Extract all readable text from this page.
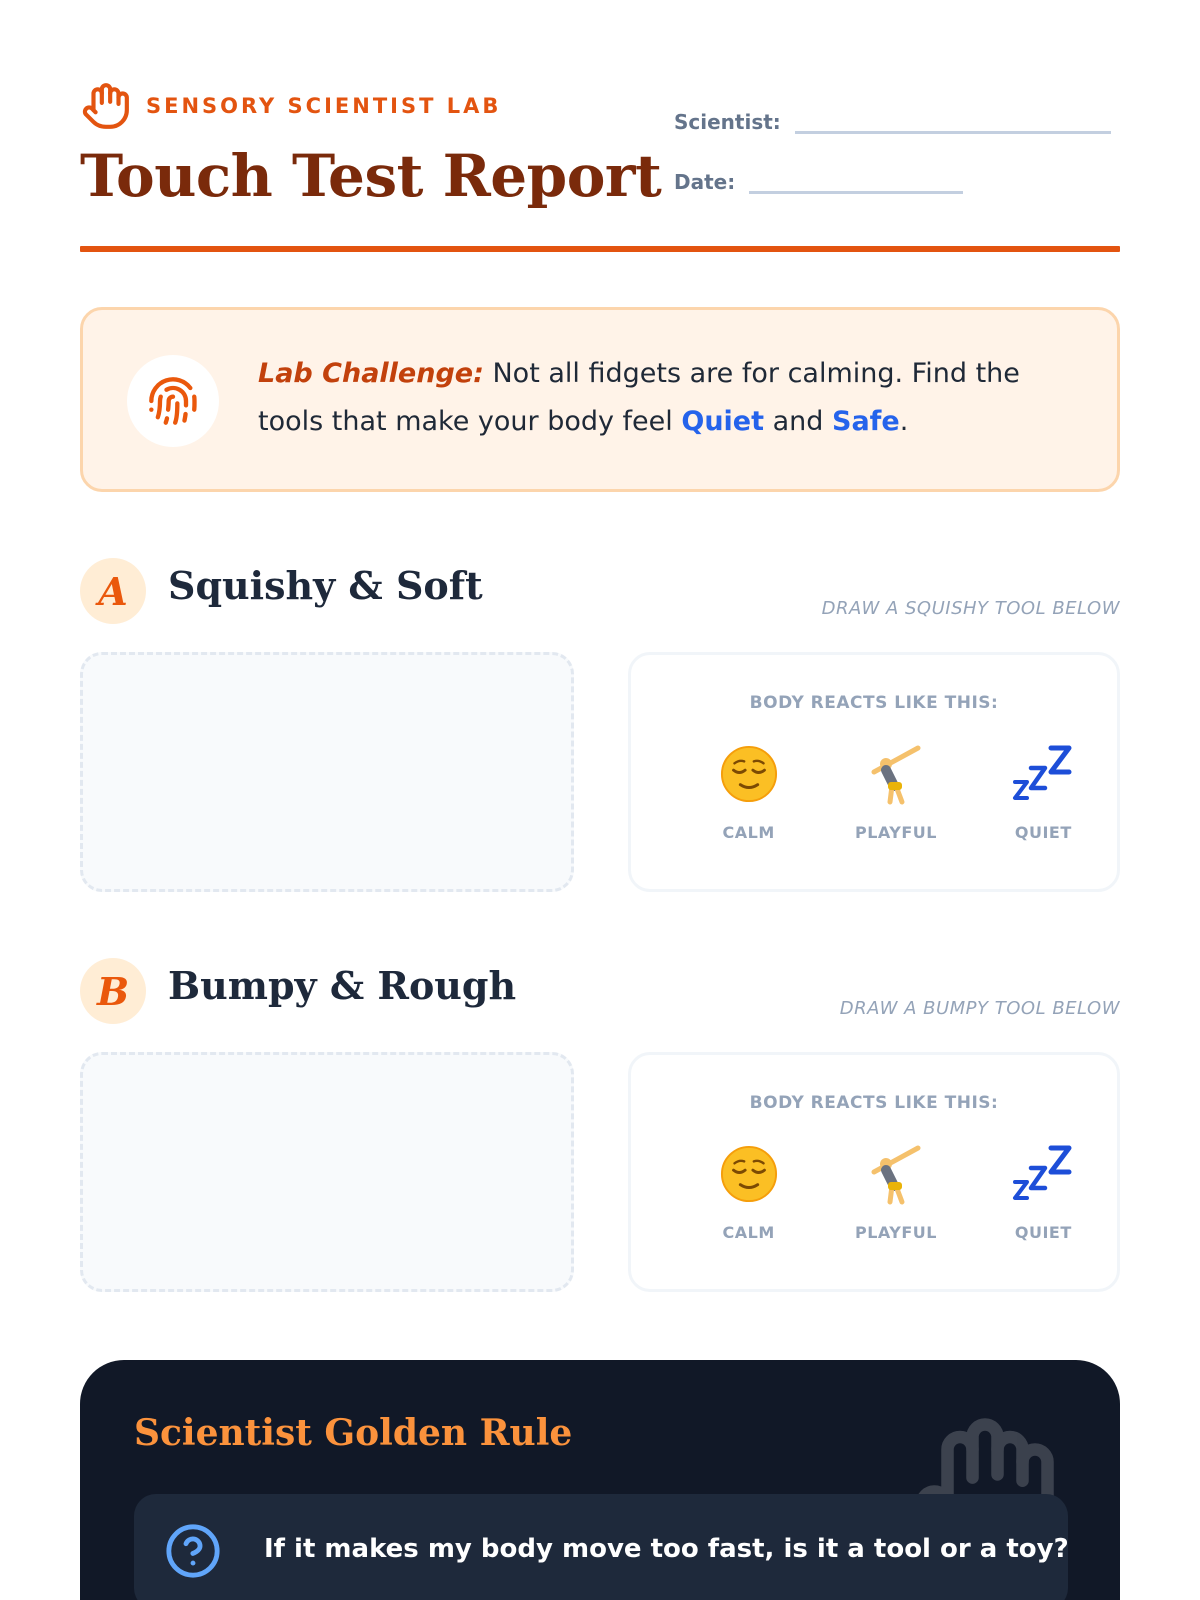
SENSORY SCIENTIST LAB
Touch Test Report
Scientist:
Date:

Lab Challenge: Not all fidgets are for calming. Find the tools that make your body feel Quiet and Safe.

A	Squishy & Soft
DRAW A SQUISHY TOOL BELOW
BODY REACTS LIKE THIS:
CALM	PLAYFUL	QUIET
B	Bumpy & Rough
DRAW A BUMPY TOOL BELOW
BODY REACTS LIKE THIS:
CALM	PLAYFUL	QUIET
Scientist Golden Rule
If it makes my body move too fast, is it a tool or a toy?
